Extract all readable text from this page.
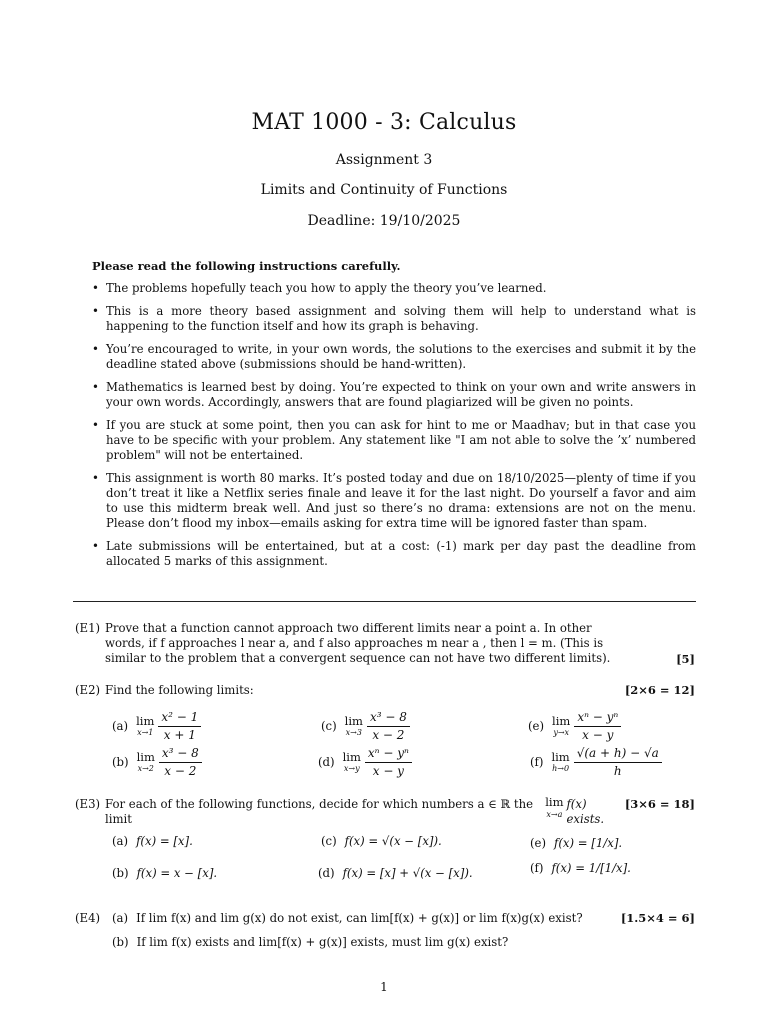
MAT 1000 - 3: Calculus
Assignment 3
Limits and Continuity of Functions
Deadline: 19/10/2025
Please read the following instructions carefully.
• The problems hopefully teach you how to apply the theory you’ve learned.
• This is a more theory based assignment and solving them will help to understand what is happening to the function itself and how its graph is behaving.
• You’re encouraged to write, in your own words, the solutions to the exercises and submit it by the deadline stated above (submissions should be hand-written).
• Mathematics is learned best by doing. You’re expected to think on your own and write answers in your own words. Accordingly, answers that are found plagiarized will be given no points.
• If you are stuck at some point, then you can ask for hint to me or Maadhav; but in that case you have to be specific with your problem. Any statement like "I am not able to solve the ’x’ numbered problem" will not be entertained.
• This assignment is worth 80 marks. It’s posted today and due on 18/10/2025—plenty of time if you don’t treat it like a Netflix series finale and leave it for the last night. Do yourself a favor and aim to use this midterm break well. And just so there’s no drama: extensions are not on the menu. Please don’t flood my inbox—emails asking for extra time will be ignored faster than spam.
• Late submissions will be entertained, but at a cost: (-1) mark per day past the deadline from allocated 5 marks of this assignment.
(E1) Prove that a function cannot approach two different limits near a point a. In other words, if f approaches l near a, and f also approaches m near a , then l = m. (This is similar to the problem that a convergent sequence can not have two different limits).	[5]
(E2) Find the following limits:	[2×6 = 12]
(a) lim
$x\to 1 \frac{\text{x² − 1}}{x + 1}$
(b) lim
$x\to 2 \frac{\text{x³ − 8}}{x - 2}$
(c) lim
$x\to 3 \frac{\text{x³ − 8}}{x - 2}$
(d) lim
$x\to y \frac{\text{xⁿ − yⁿ}}{x - y}$
(e) lim
$y\to x \frac{\text{xⁿ − yⁿ}}{x - y}$
(f) lim
$h\to 0 \frac{√(a + h) - √a}{h}$
(E3) For each of the following functions, decide for which numbers a ∈ ℝ the limit
lim
x→a
f(x) exists.
[3×6 = 18]
(a) f(x) = [x].
(b) f(x) = x − [x].
(c) f(x) = √(x − [x]).
(d) f(x) = [x] + √(x − [x]).
(e) f(x) = [1/x].
(f) f(x) = 1/[1/x].
(E4)	[1.5×4 = 6]
(a) If lim f(x) and lim g(x) do not exist, can lim[f(x) + g(x)] or lim f(x)g(x) exist?
(b) If lim f(x) exists and lim[f(x) + g(x)] exists, must lim g(x) exist?
1
